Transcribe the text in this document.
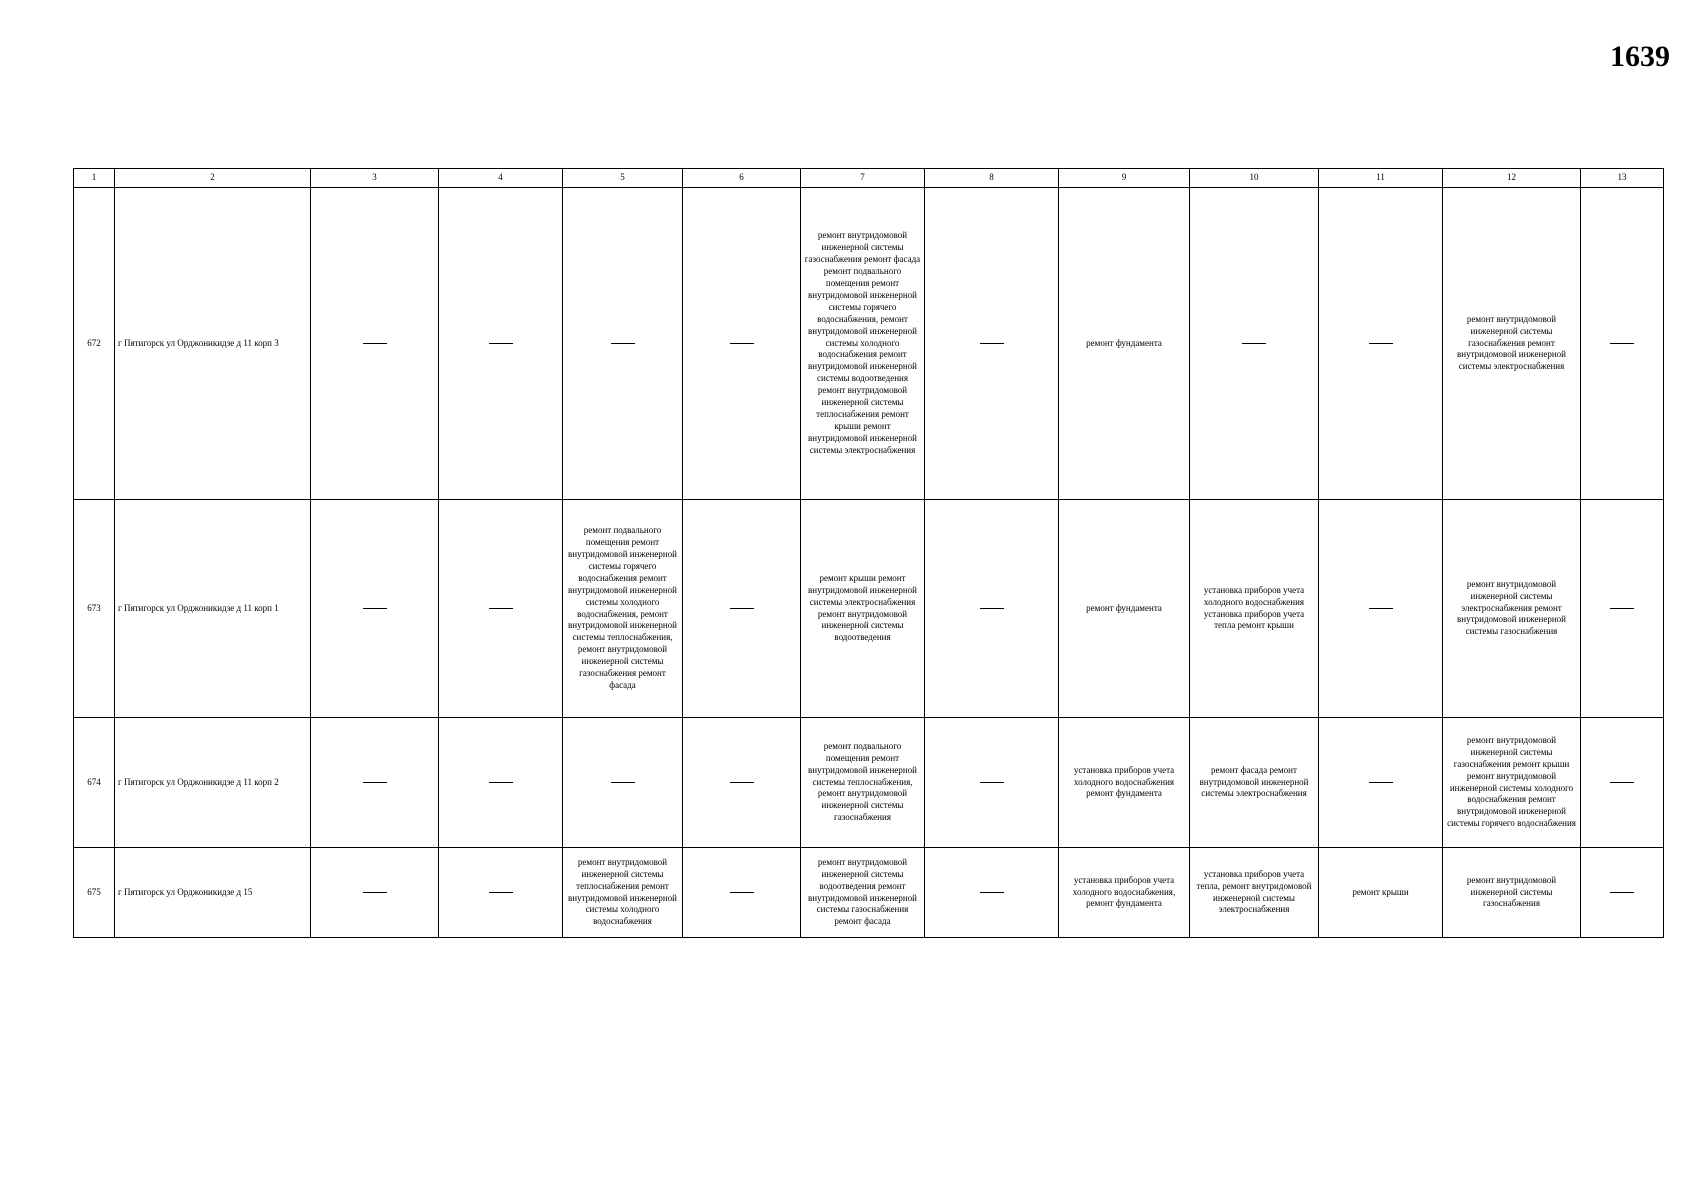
1639
1	2	3	4	5	6	7	8	9	10	11	12	13
672	г Пятигорск ул Орджоникидзе д 11 корп 3					ремонт внутридомовой инженерной системы газоснабжения ремонт фасада ремонт подвального помещения ремонт внутридомовой инженерной системы горячего водоснабжения, ремонт внутридомовой инженерной системы холодного водоснабжения ремонт внутридомовой инженерной системы водоотведения ремонт внутридомовой инженерной системы теплоснабжения ремонт крыши ремонт внутридомовой инженерной системы электроснабжения		ремонт фундамента			ремонт внутридомовой инженерной системы газоснабжения ремонт внутридомовой инженерной системы электроснабжения	
673	г Пятигорск ул Орджоникидзе д 11 корп 1			ремонт подвального помещения ремонт внутридомовой инженерной системы горячего водоснабжения ремонт внутридомовой инженерной системы холодного водоснабжения, ремонт внутридомовой инженерной системы теплоснабжения, ремонт внутридомовой инженерной системы газоснабжения ремонт фасада		ремонт крыши ремонт внутридомовой инженерной системы электроснабжения ремонт внутридомовой инженерной системы водоотведения		ремонт фундамента	установка приборов учета холодного водоснабжения установка приборов учета тепла ремонт крыши		ремонт внутридомовой инженерной системы электроснабжения ремонт внутридомовой инженерной системы газоснабжения	
674	г Пятигорск ул Орджоникидзе д 11 корп 2					ремонт подвального помещения ремонт внутридомовой инженерной системы теплоснабжения, ремонт внутридомовой инженерной системы газоснабжения		установка приборов учета холодного водоснабжения ремонт фундамента	ремонт фасада ремонт внутридомовой инженерной системы электроснабжения		ремонт внутридомовой инженерной системы газоснабжения ремонт крыши ремонт внутридомовой инженерной системы холодного водоснабжения ремонт внутридомовой инженерной системы горячего водоснабжения	
675	г Пятигорск ул Орджоникидзе д 15			ремонт внутридомовой инженерной системы теплоснабжения ремонт внутридомовой инженерной системы холодного водоснабжения		ремонт внутридомовой инженерной системы водоотведения ремонт внутридомовой инженерной системы газоснабжения ремонт фасада		установка приборов учета холодного водоснабжения, ремонт фундамента	установка приборов учета тепла, ремонт внутридомовой инженерной системы электроснабжения	ремонт крыши	ремонт внутридомовой инженерной системы газоснабжения	
